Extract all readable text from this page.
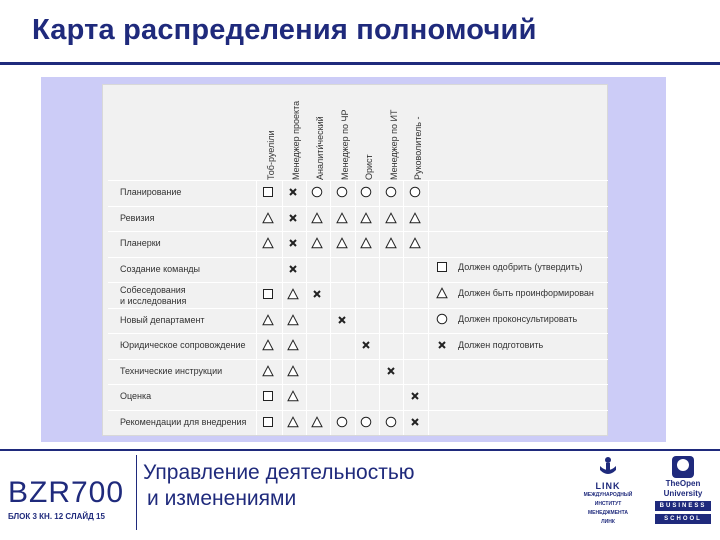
Карта распределения полномочий
Тоб-руеліли Менеджер проекта Аналити́ческий Менеджер по ЧР Орист Менеджер по ИТ Руковолитель -
Планирование
Ревизия
Планерки
Создание команды
Собеседования
и исследования
Новый департамент
Юридическое сопровождение
Технические инструкции
Оценка
Рекомендации для внедрения
Должен одобрить (утвердить)
Должен быть проинформирован
Должен проконсультировать
Должен подготовить
BZR700
Управление деятельностью
и изменениями
БЛОК 3 КН. 12 СЛАЙД 15
LINK
МЕЖДУНАРОДНЫЙ
ИНСТИТУТ
МЕНЕДЖМЕНТА
ЛИНК
TheOpen
University
BUSINESS
SCHOOL
